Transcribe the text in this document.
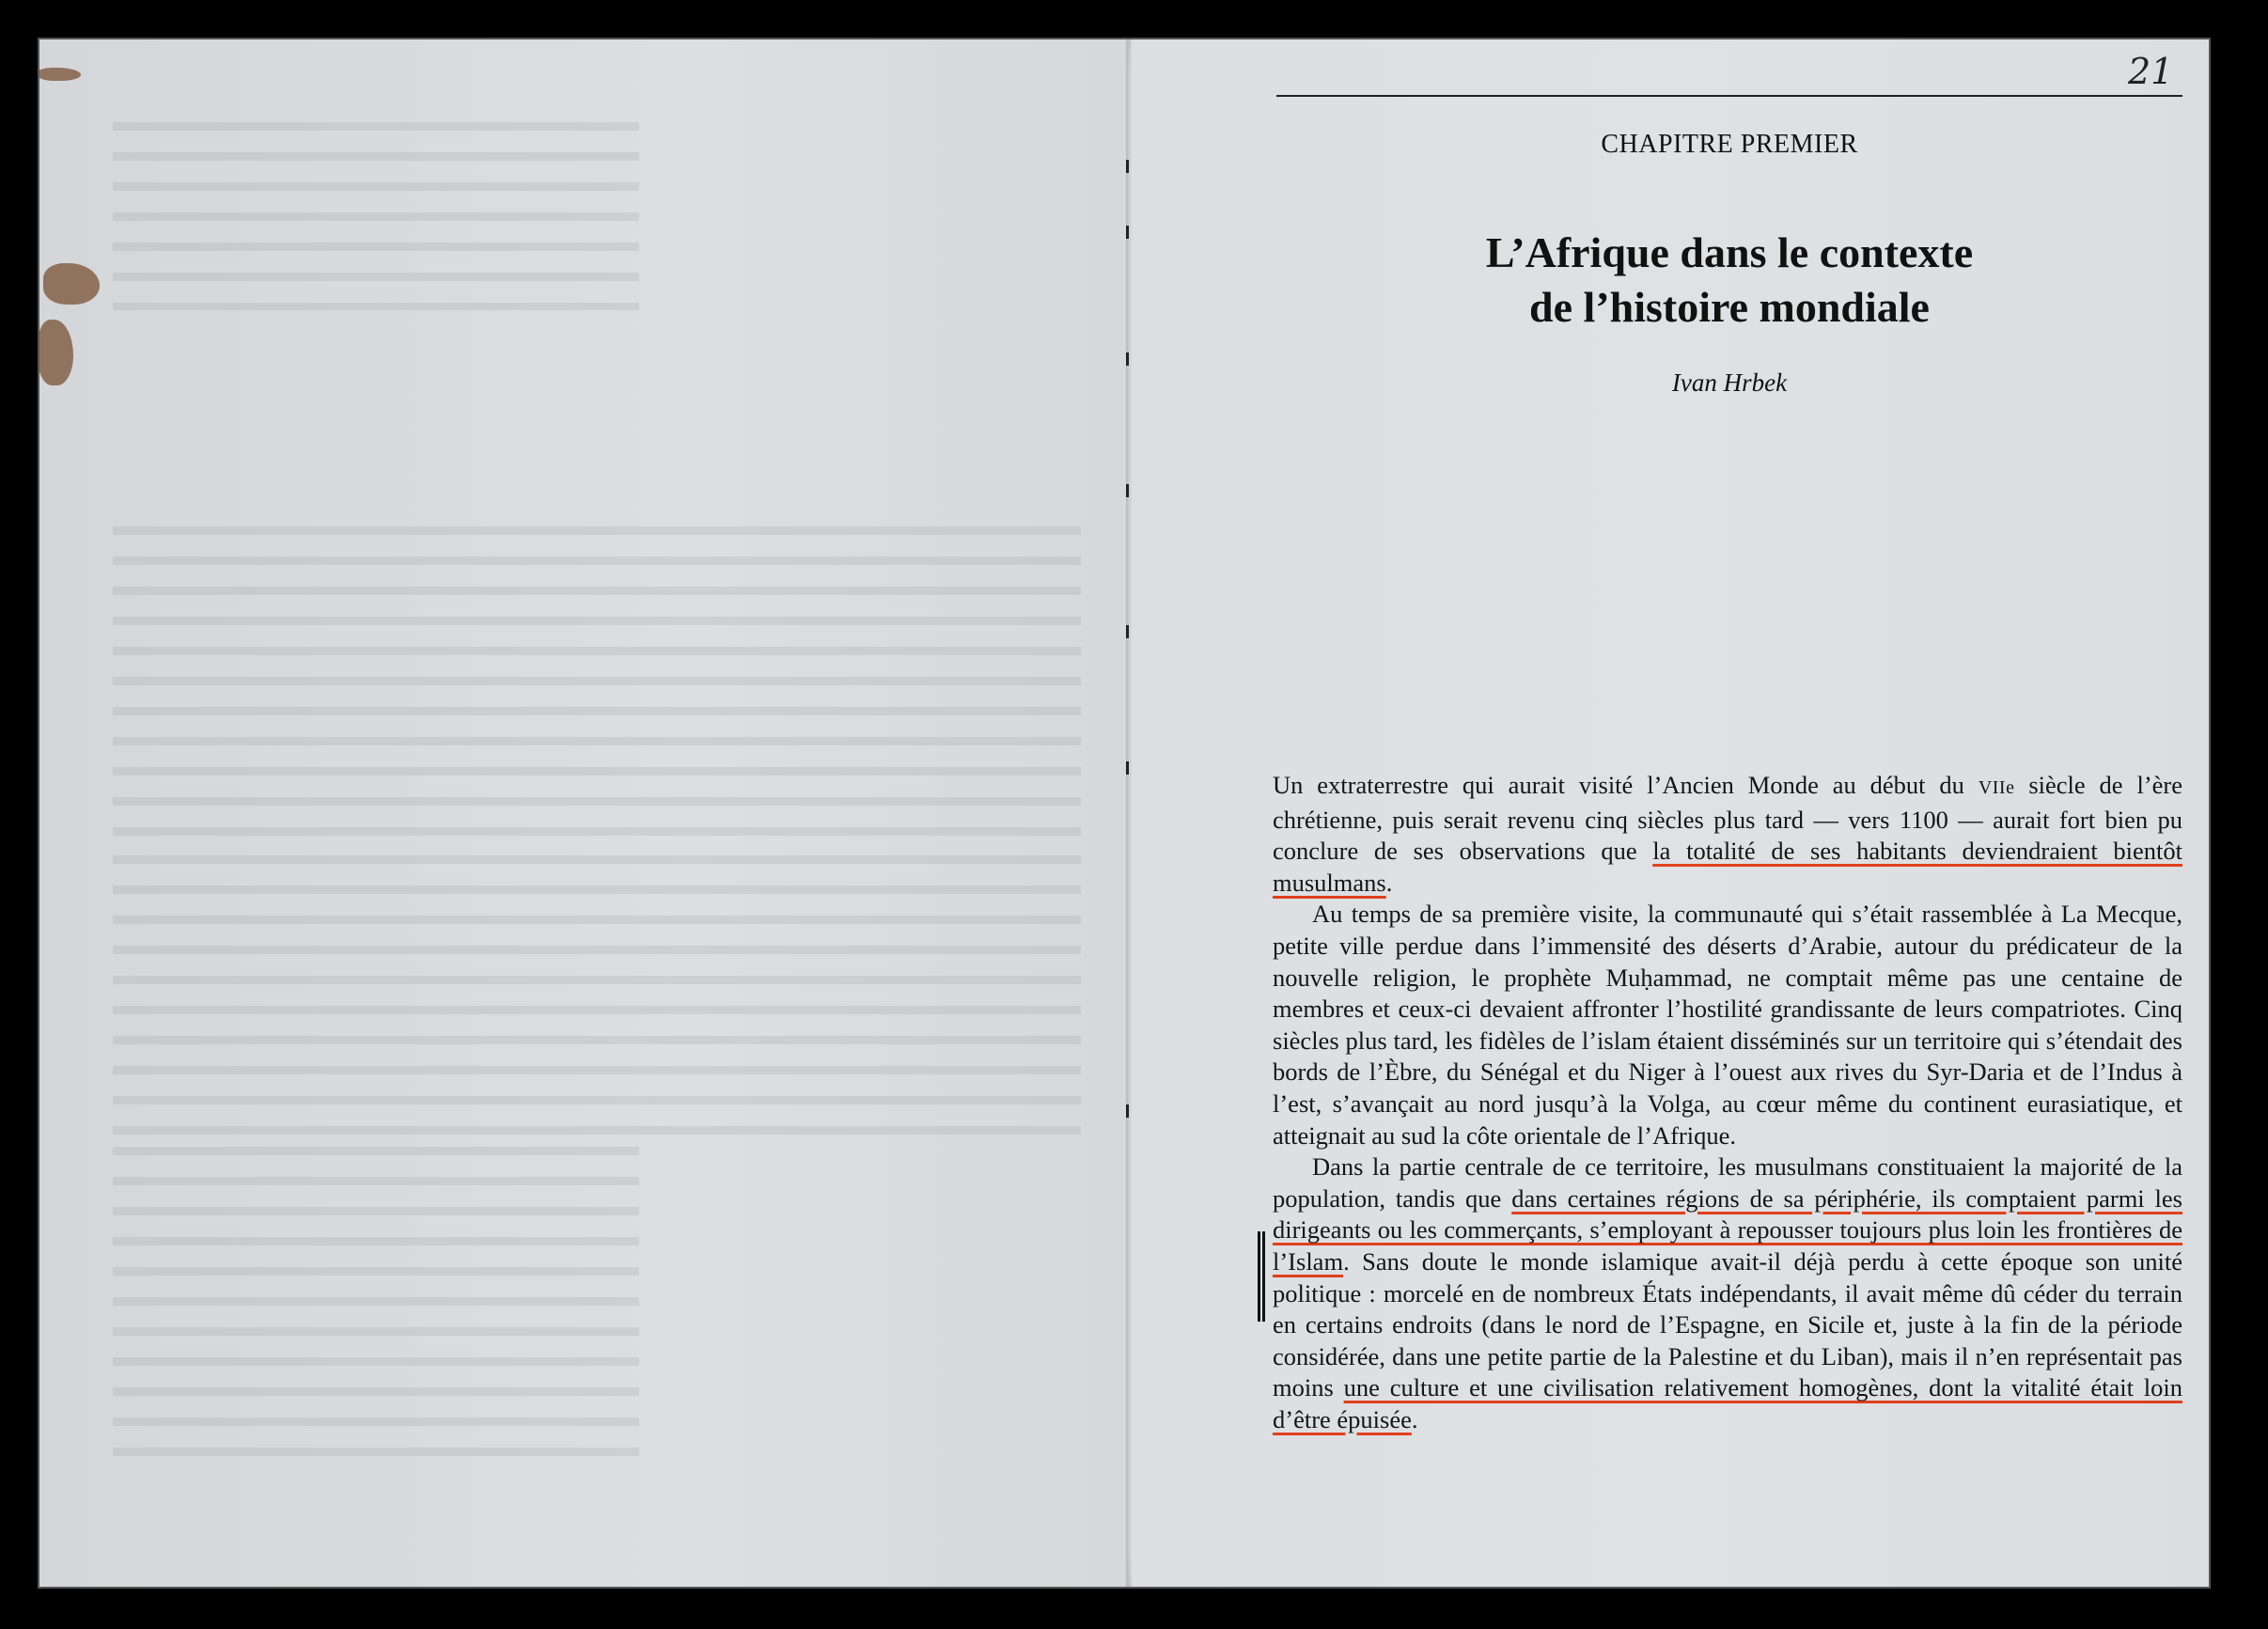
21
CHAPITRE PREMIER
L’Afrique dans le contexte
de l’histoire mondiale
Ivan Hrbek

Un extraterrestre qui aurait visité l’Ancien Monde au début du VIIe siècle de l’ère chrétienne, puis serait revenu cinq siècles plus tard — vers 1100 — aurait fort bien pu conclure de ses observations que la totalité de ses habitants deviendraient bientôt musulmans.

Au temps de sa première visite, la communauté qui s’était rassemblée à La Mecque, petite ville perdue dans l’immensité des déserts d’Arabie, autour du prédicateur de la nouvelle religion, le prophète Muḥammad, ne comptait même pas une centaine de membres et ceux-ci devaient affronter l’hostilité grandissante de leurs compatriotes. Cinq siècles plus tard, les fidèles de l’islam étaient disséminés sur un territoire qui s’étendait des bords de l’Èbre, du Sénégal et du Niger à l’ouest aux rives du Syr-Daria et de l’Indus à l’est, s’avançait au nord jusqu’à la Volga, au cœur même du continent eurasiatique, et atteignait au sud la côte orientale de l’Afrique.

Dans la partie centrale de ce territoire, les musulmans constituaient la majorité de la population, tandis que dans certaines régions de sa périphérie, ils comptaient parmi les dirigeants ou les commerçants, s’employant à repousser toujours plus loin les frontières de l’Islam. Sans doute le monde islamique avait-il déjà perdu à cette époque son unité politique : morcelé en de nombreux États indépendants, il avait même dû céder du terrain en certains endroits (dans le nord de l’Espagne, en Sicile et, juste à la fin de la période considérée, dans une petite partie de la Palestine et du Liban), mais il n’en représentait pas moins une culture et une civilisation relativement homogènes, dont la vitalité était loin d’être épuisée.
